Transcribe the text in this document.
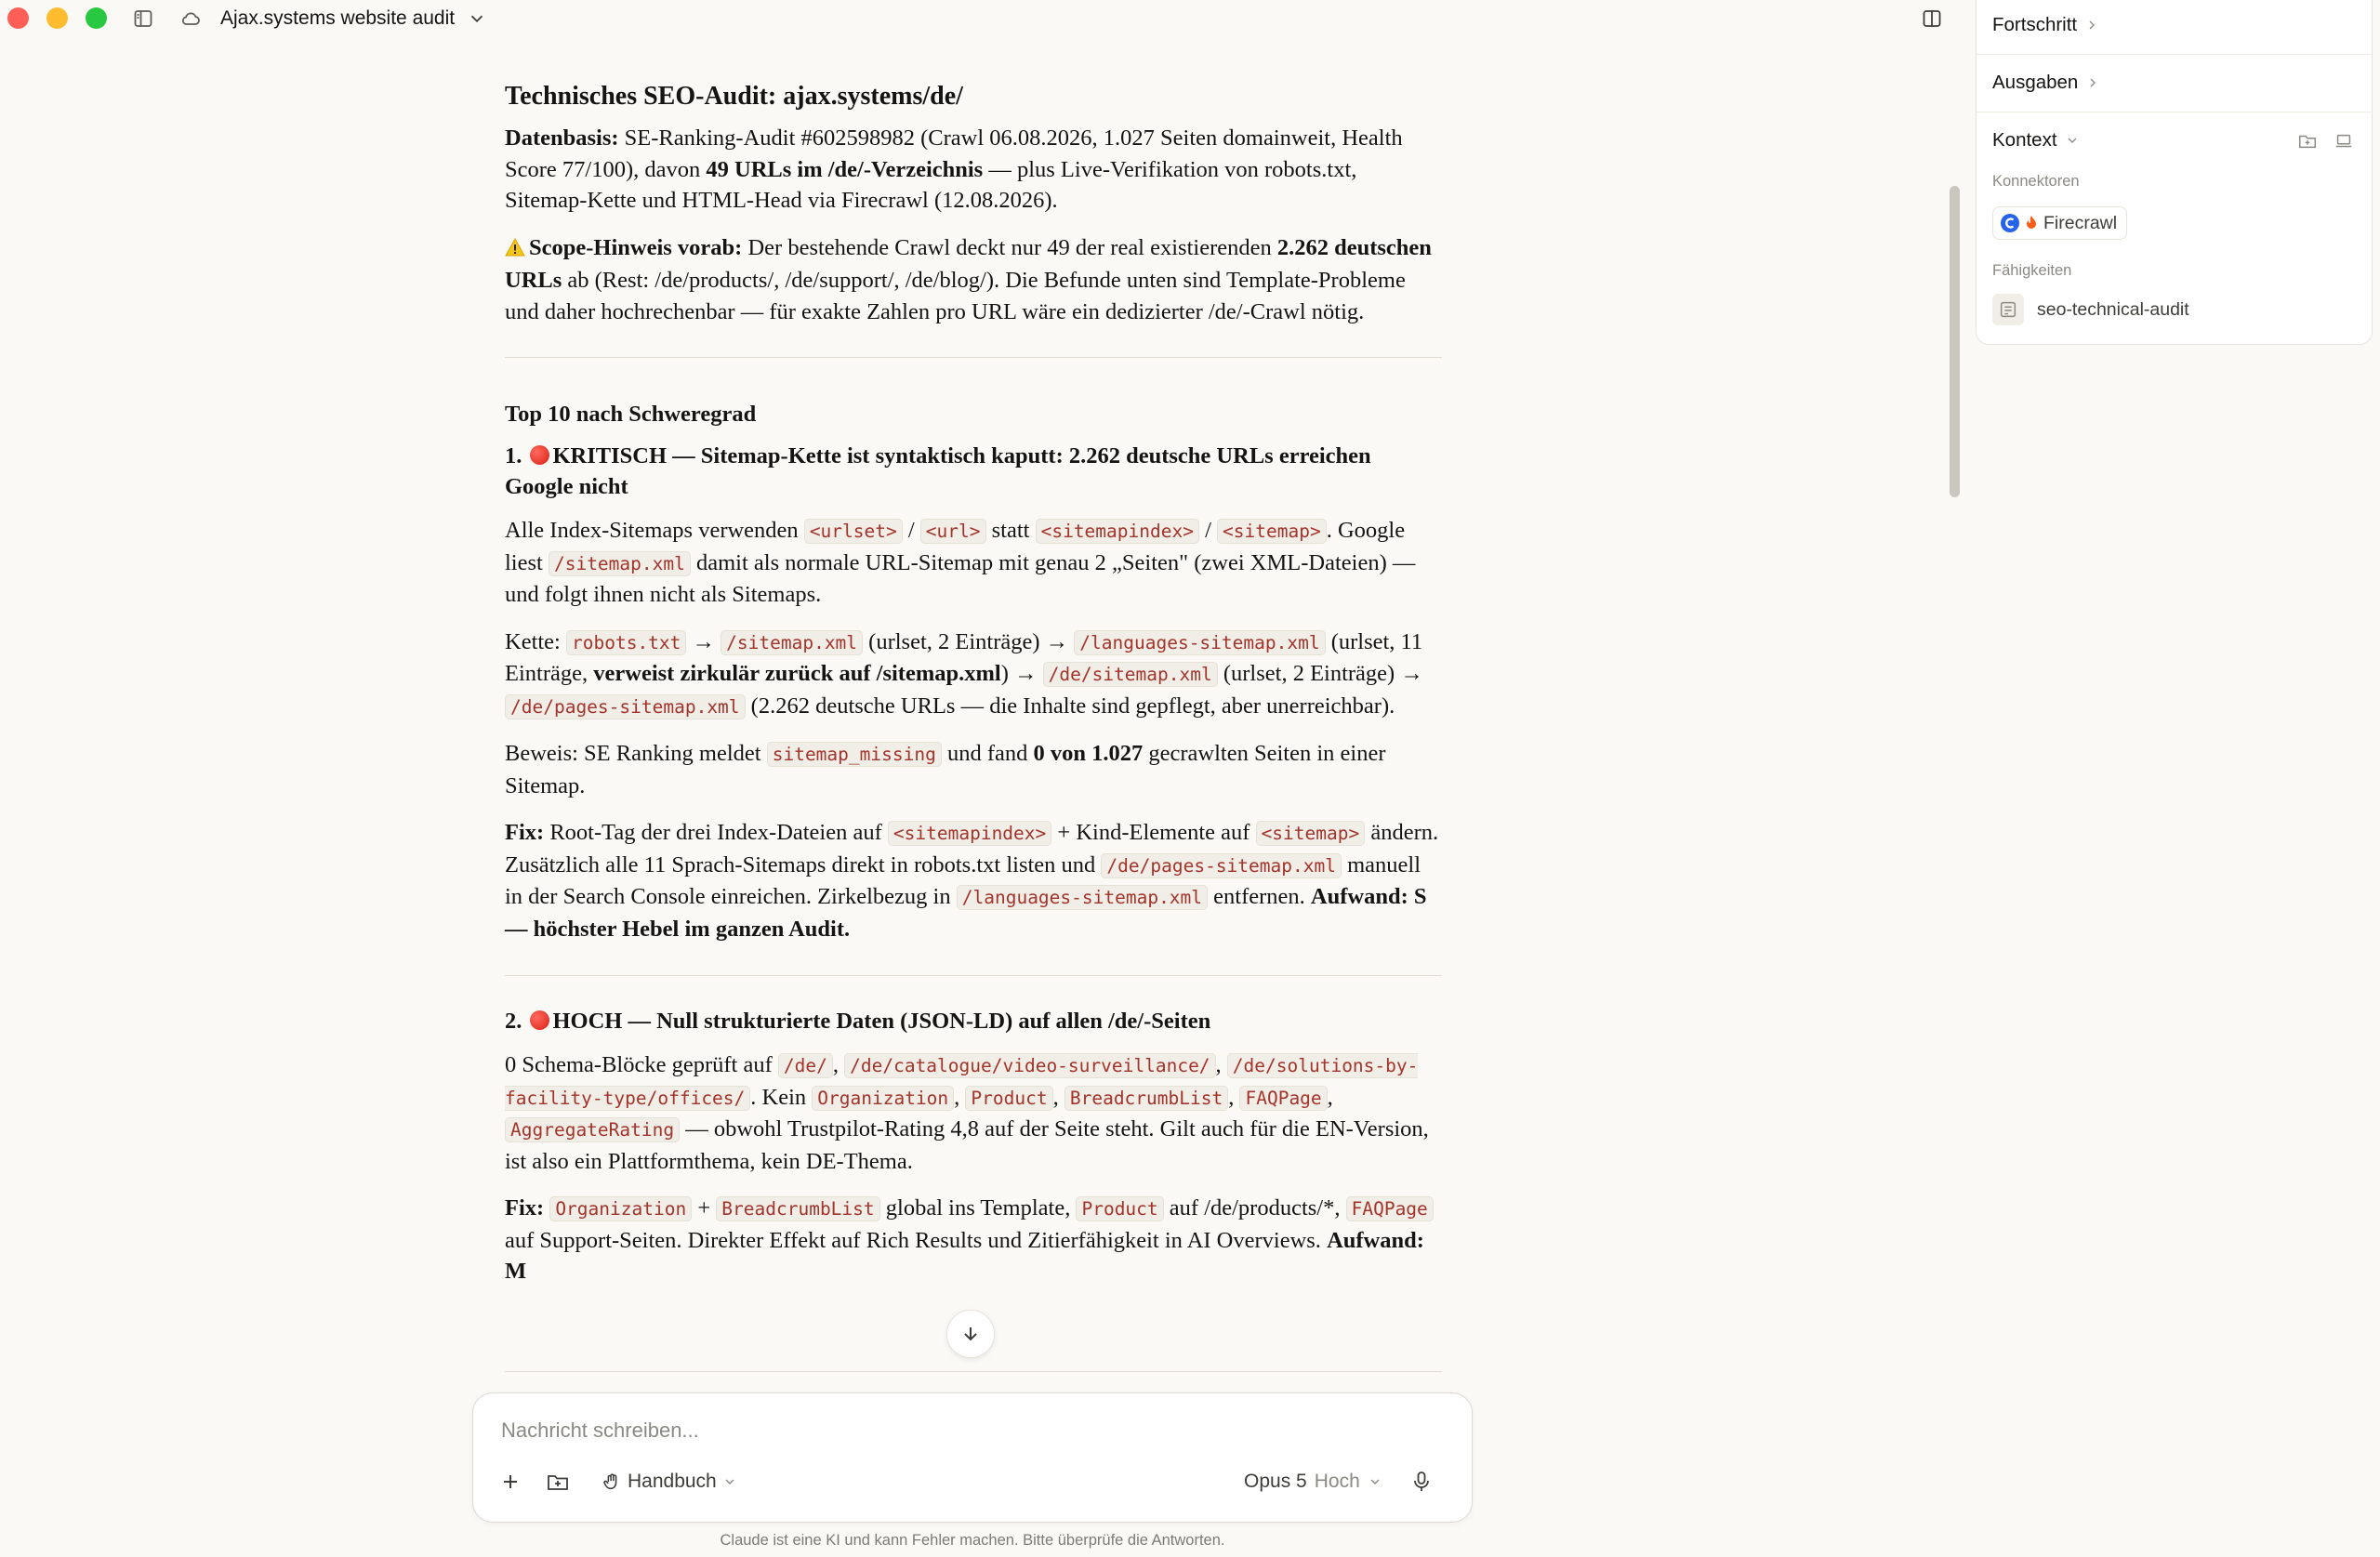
Ajax.systems website audit
Technisches SEO-Audit: ajax.systems/de/

Datenbasis: SE-Ranking-Audit #602598982 (Crawl 06.08.2026, 1.027 Seiten domainweit, Health Score 77/100), davon 49 URLs im /de/-Verzeichnis — plus Live-Verifikation von robots.txt, Sitemap-Kette und HTML-Head via Firecrawl (12.08.2026).

Scope-Hinweis vorab: Der bestehende Crawl deckt nur 49 der real existierenden 2.262 deutschen URLs ab (Rest: /de/products/, /de/support/, /de/blog/). Die Befunde unten sind Template-Probleme und daher hochrechenbar — für exakte Zahlen pro URL wäre ein dedizierter /de/-Crawl nötig.

Top 10 nach Schweregrad
1. KRITISCH — Sitemap-Kette ist syntaktisch kaputt: 2.262 deutsche URLs erreichen Google nicht

Alle Index-Sitemaps verwenden <urlset> / <url> statt <sitemapindex> / <sitemap> . Google liest /sitemap.xml damit als normale URL-Sitemap mit genau 2 „Seiten" (zwei XML-Dateien) — und folgt ihnen nicht als Sitemaps.

Kette: robots.txt → /sitemap.xml (urlset, 2 Einträge) → /languages-sitemap.xml (urlset, 11 Einträge, verweist zirkulär zurück auf /sitemap.xml) → /de/sitemap.xml (urlset, 2 Einträge) → /de/pages-sitemap.xml (2.262 deutsche URLs — die Inhalte sind gepflegt, aber unerreichbar).

Beweis: SE Ranking meldet sitemap_missing und fand 0 von 1.027 gecrawlten Seiten in einer Sitemap.

Fix: Root-Tag der drei Index-Dateien auf <sitemapindex> + Kind-Elemente auf <sitemap> ändern. Zusätzlich alle 11 Sprach-Sitemaps direkt in robots.txt listen und /de/pages-sitemap.xml manuell in der Search Console einreichen. Zirkelbezug in /languages-sitemap.xml entfernen. Aufwand: S — höchster Hebel im ganzen Audit.

2. HOCH — Null strukturierte Daten (JSON-LD) auf allen /de/-Seiten

0 Schema-Blöcke geprüft auf /de/ , /de/catalogue/video-surveillance/ , /de/solutions-by-facility-type/offices/ . Kein Organization , Product , BreadcrumbList , FAQPage , AggregateRating — obwohl Trustpilot-Rating 4,8 auf der Seite steht. Gilt auch für die EN-Version, ist also ein Plattformthema, kein DE-Thema.

Fix: Organization + BreadcrumbList global ins Template, Product auf /de/products/*, FAQPage auf Support-Seiten. Direkter Effekt auf Rich Results und Zitierfähigkeit in AI Overviews. Aufwand: M

Nachricht schreiben...
Handbuch	Opus 5 Hoch
Claude ist eine KI und kann Fehler machen. Bitte überprüfe die Antworten.
Fortschritt
Ausgaben
Kontext
Konnektoren
Firecrawl
Fähigkeiten
seo-technical-audit
